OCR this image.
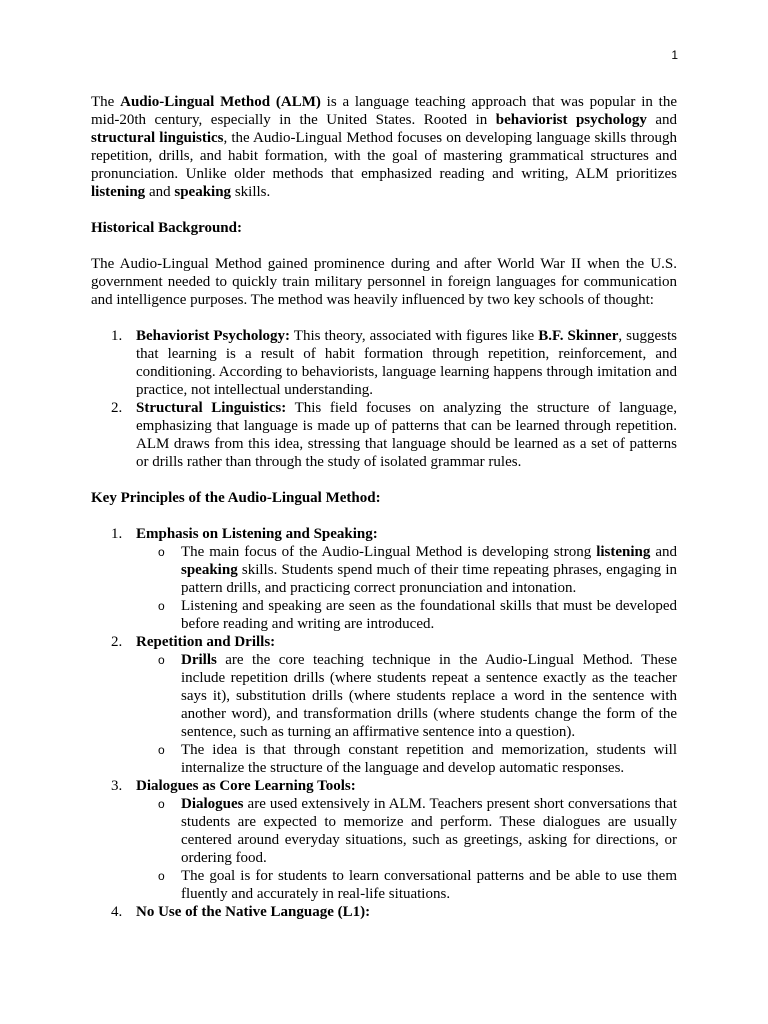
1

The Audio-Lingual Method (ALM) is a language teaching approach that was popular in the mid-20th century, especially in the United States. Rooted in behaviorist psychology and structural linguistics, the Audio-Lingual Method focuses on developing language skills through repetition, drills, and habit formation, with the goal of mastering grammatical structures and pronunciation. Unlike older methods that emphasized reading and writing, ALM prioritizes listening and speaking skills.

Historical Background:

The Audio-Lingual Method gained prominence during and after World War II when the U.S. government needed to quickly train military personnel in foreign languages for communication and intelligence purposes. The method was heavily influenced by two key schools of thought:

1. Behaviorist Psychology: This theory, associated with figures like B.F. Skinner, suggests that learning is a result of habit formation through repetition, reinforcement, and conditioning. According to behaviorists, language learning happens through imitation and practice, not intellectual understanding.
2. Structural Linguistics: This field focuses on analyzing the structure of language, emphasizing that language is made up of patterns that can be learned through repetition. ALM draws from this idea, stressing that language should be learned as a set of patterns or drills rather than through the study of isolated grammar rules.

Key Principles of the Audio-Lingual Method:

1. Emphasis on Listening and Speaking:
o The main focus of the Audio-Lingual Method is developing strong listening and speaking skills. Students spend much of their time repeating phrases, engaging in pattern drills, and practicing correct pronunciation and intonation.
o Listening and speaking are seen as the foundational skills that must be developed before reading and writing are introduced.
2. Repetition and Drills:
o Drills are the core teaching technique in the Audio-Lingual Method. These include repetition drills (where students repeat a sentence exactly as the teacher says it), substitution drills (where students replace a word in the sentence with another word), and transformation drills (where students change the form of the sentence, such as turning an affirmative sentence into a question).
o The idea is that through constant repetition and memorization, students will internalize the structure of the language and develop automatic responses.
3. Dialogues as Core Learning Tools:
o Dialogues are used extensively in ALM. Teachers present short conversations that students are expected to memorize and perform. These dialogues are usually centered around everyday situations, such as greetings, asking for directions, or ordering food.
o The goal is for students to learn conversational patterns and be able to use them fluently and accurately in real-life situations.
4. No Use of the Native Language (L1):
